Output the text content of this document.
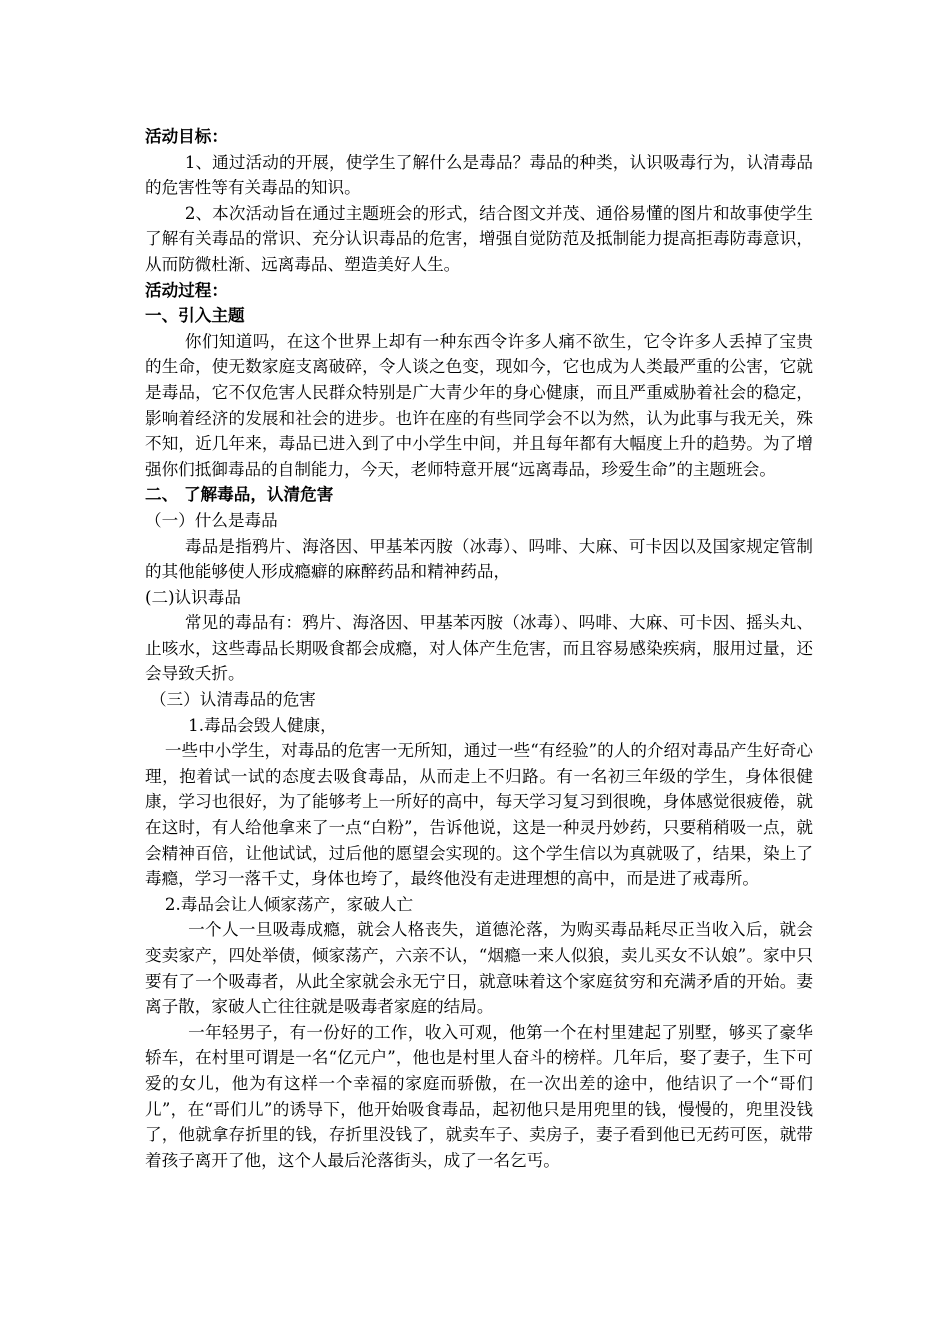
活动目标：

1、通过活动的开展，使学生了解什么是毒品？毒品的种类，认识吸毒行为，认清毒品的危害性等有关毒品的知识。

2、本次活动旨在通过主题班会的形式，结合图文并茂、通俗易懂的图片和故事使学生了解有关毒品的常识、充分认识毒品的危害，增强自觉防范及抵制能力提高拒毒防毒意识，从而防微杜渐、远离毒品、塑造美好人生。

活动过程：

一、引入主题

你们知道吗，在这个世界上却有一种东西令许多人痛不欲生，它令许多人丢掉了宝贵的生命，使无数家庭支离破碎，令人谈之色变，现如今，它也成为人类最严重的公害，它就是毒品，它不仅危害人民群众特别是广大青少年的身心健康，而且严重威胁着社会的稳定，影响着经济的发展和社会的进步。也许在座的有些同学会不以为然，认为此事与我无关，殊不知，近几年来，毒品已进入到了中小学生中间，并且每年都有大幅度上升的趋势。为了增强你们抵御毒品的自制能力，今天，老师特意开展“远离毒品，珍爱生命”的主题班会。

二、 了解毒品，认清危害

（一）什么是毒品

毒品是指鸦片、海洛因、甲基苯丙胺（冰毒）、吗啡、大麻、可卡因以及国家规定管制的其他能够使人形成瘾癖的麻醉药品和精神药品，

(二)认识毒品

常见的毒品有：鸦片、海洛因、甲基苯丙胺（冰毒）、吗啡、大麻、可卡因、摇头丸、止咳水，这些毒品长期吸食都会成瘾，对人体产生危害，而且容易感染疾病，服用过量，还会导致夭折。

（三）认清毒品的危害

1.毒品会毁人健康，

一些中小学生，对毒品的危害一无所知，通过一些“有经验”的人的介绍对毒品产生好奇心理，抱着试一试的态度去吸食毒品，从而走上不归路。有一名初三年级的学生，身体很健康，学习也很好，为了能够考上一所好的高中，每天学习复习到很晚，身体感觉很疲倦，就在这时，有人给他拿来了一点“白粉”，告诉他说，这是一种灵丹妙药，只要稍稍吸一点，就会精神百倍，让他试试，过后他的愿望会实现的。这个学生信以为真就吸了，结果，染上了毒瘾，学习一落千丈，身体也垮了，最终他没有走进理想的高中，而是进了戒毒所。

2.毒品会让人倾家荡产，家破人亡

一个人一旦吸毒成瘾，就会人格丧失，道德沦落，为购买毒品耗尽正当收入后，就会变卖家产，四处举债，倾家荡产，六亲不认，“烟瘾一来人似狼，卖儿买女不认娘”。家中只要有了一个吸毒者，从此全家就会永无宁日，就意味着这个家庭贫穷和充满矛盾的开始。妻离子散，家破人亡往往就是吸毒者家庭的结局。

一年轻男子，有一份好的工作，收入可观，他第一个在村里建起了别墅，够买了豪华轿车，在村里可谓是一名“亿元户”，他也是村里人奋斗的榜样。几年后，娶了妻子，生下可爱的女儿，他为有这样一个幸福的家庭而骄傲，在一次出差的途中，他结识了一个“哥们儿”，在“哥们儿”的诱导下，他开始吸食毒品，起初他只是用兜里的钱，慢慢的，兜里没钱了，他就拿存折里的钱，存折里没钱了，就卖车子、卖房子，妻子看到他已无药可医，就带着孩子离开了他，这个人最后沦落街头，成了一名乞丐。
